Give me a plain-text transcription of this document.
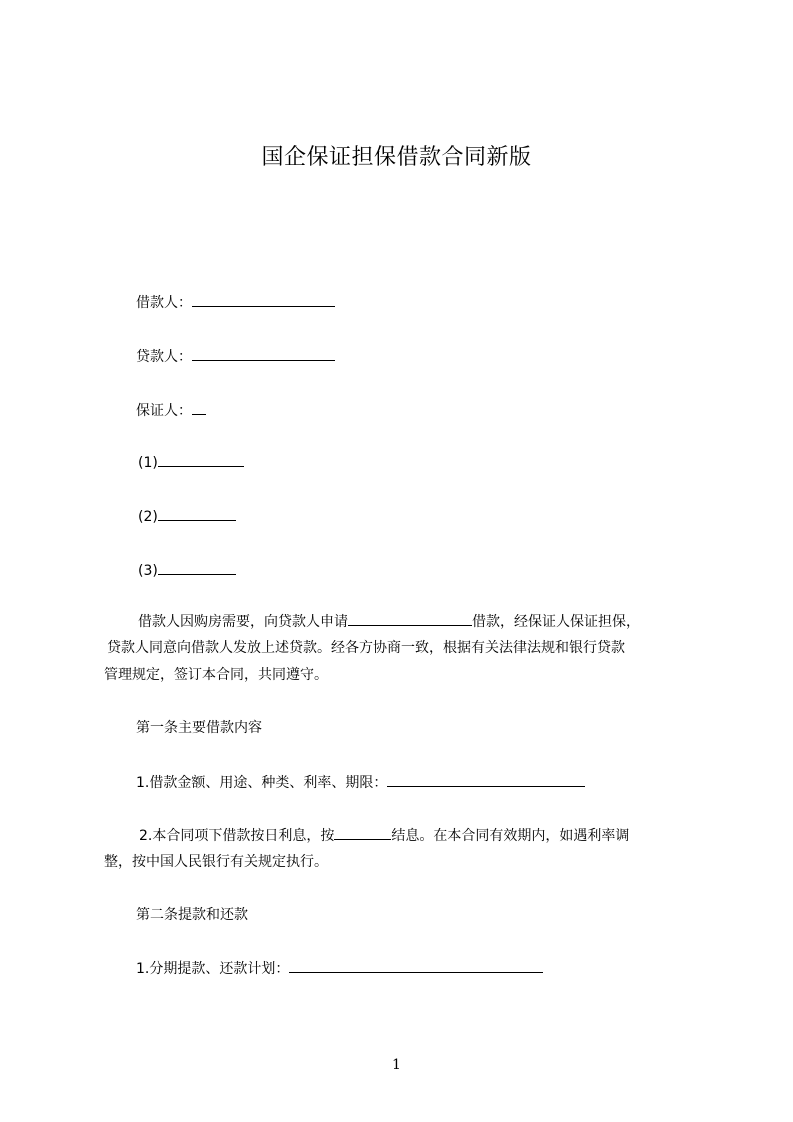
国企保证担保借款合同新版
借款人：
贷款人：
保证人：
(1)
(2)
(3)
借款人因购房需要，向贷款人申请	借款，经保证人保证担保，
贷款人同意向借款人发放上述贷款。经各方协商一致，根据有关法律法规和银行贷款
管理规定，签订本合同，共同遵守。
第一条主要借款内容
1.借款金额、用途、种类、利率、期限：
2.本合同项下借款按日利息，按	结息。在本合同有效期内，如遇利率调
整，按中国人民银行有关规定执行。
第二条提款和还款
1.分期提款、还款计划：
1
